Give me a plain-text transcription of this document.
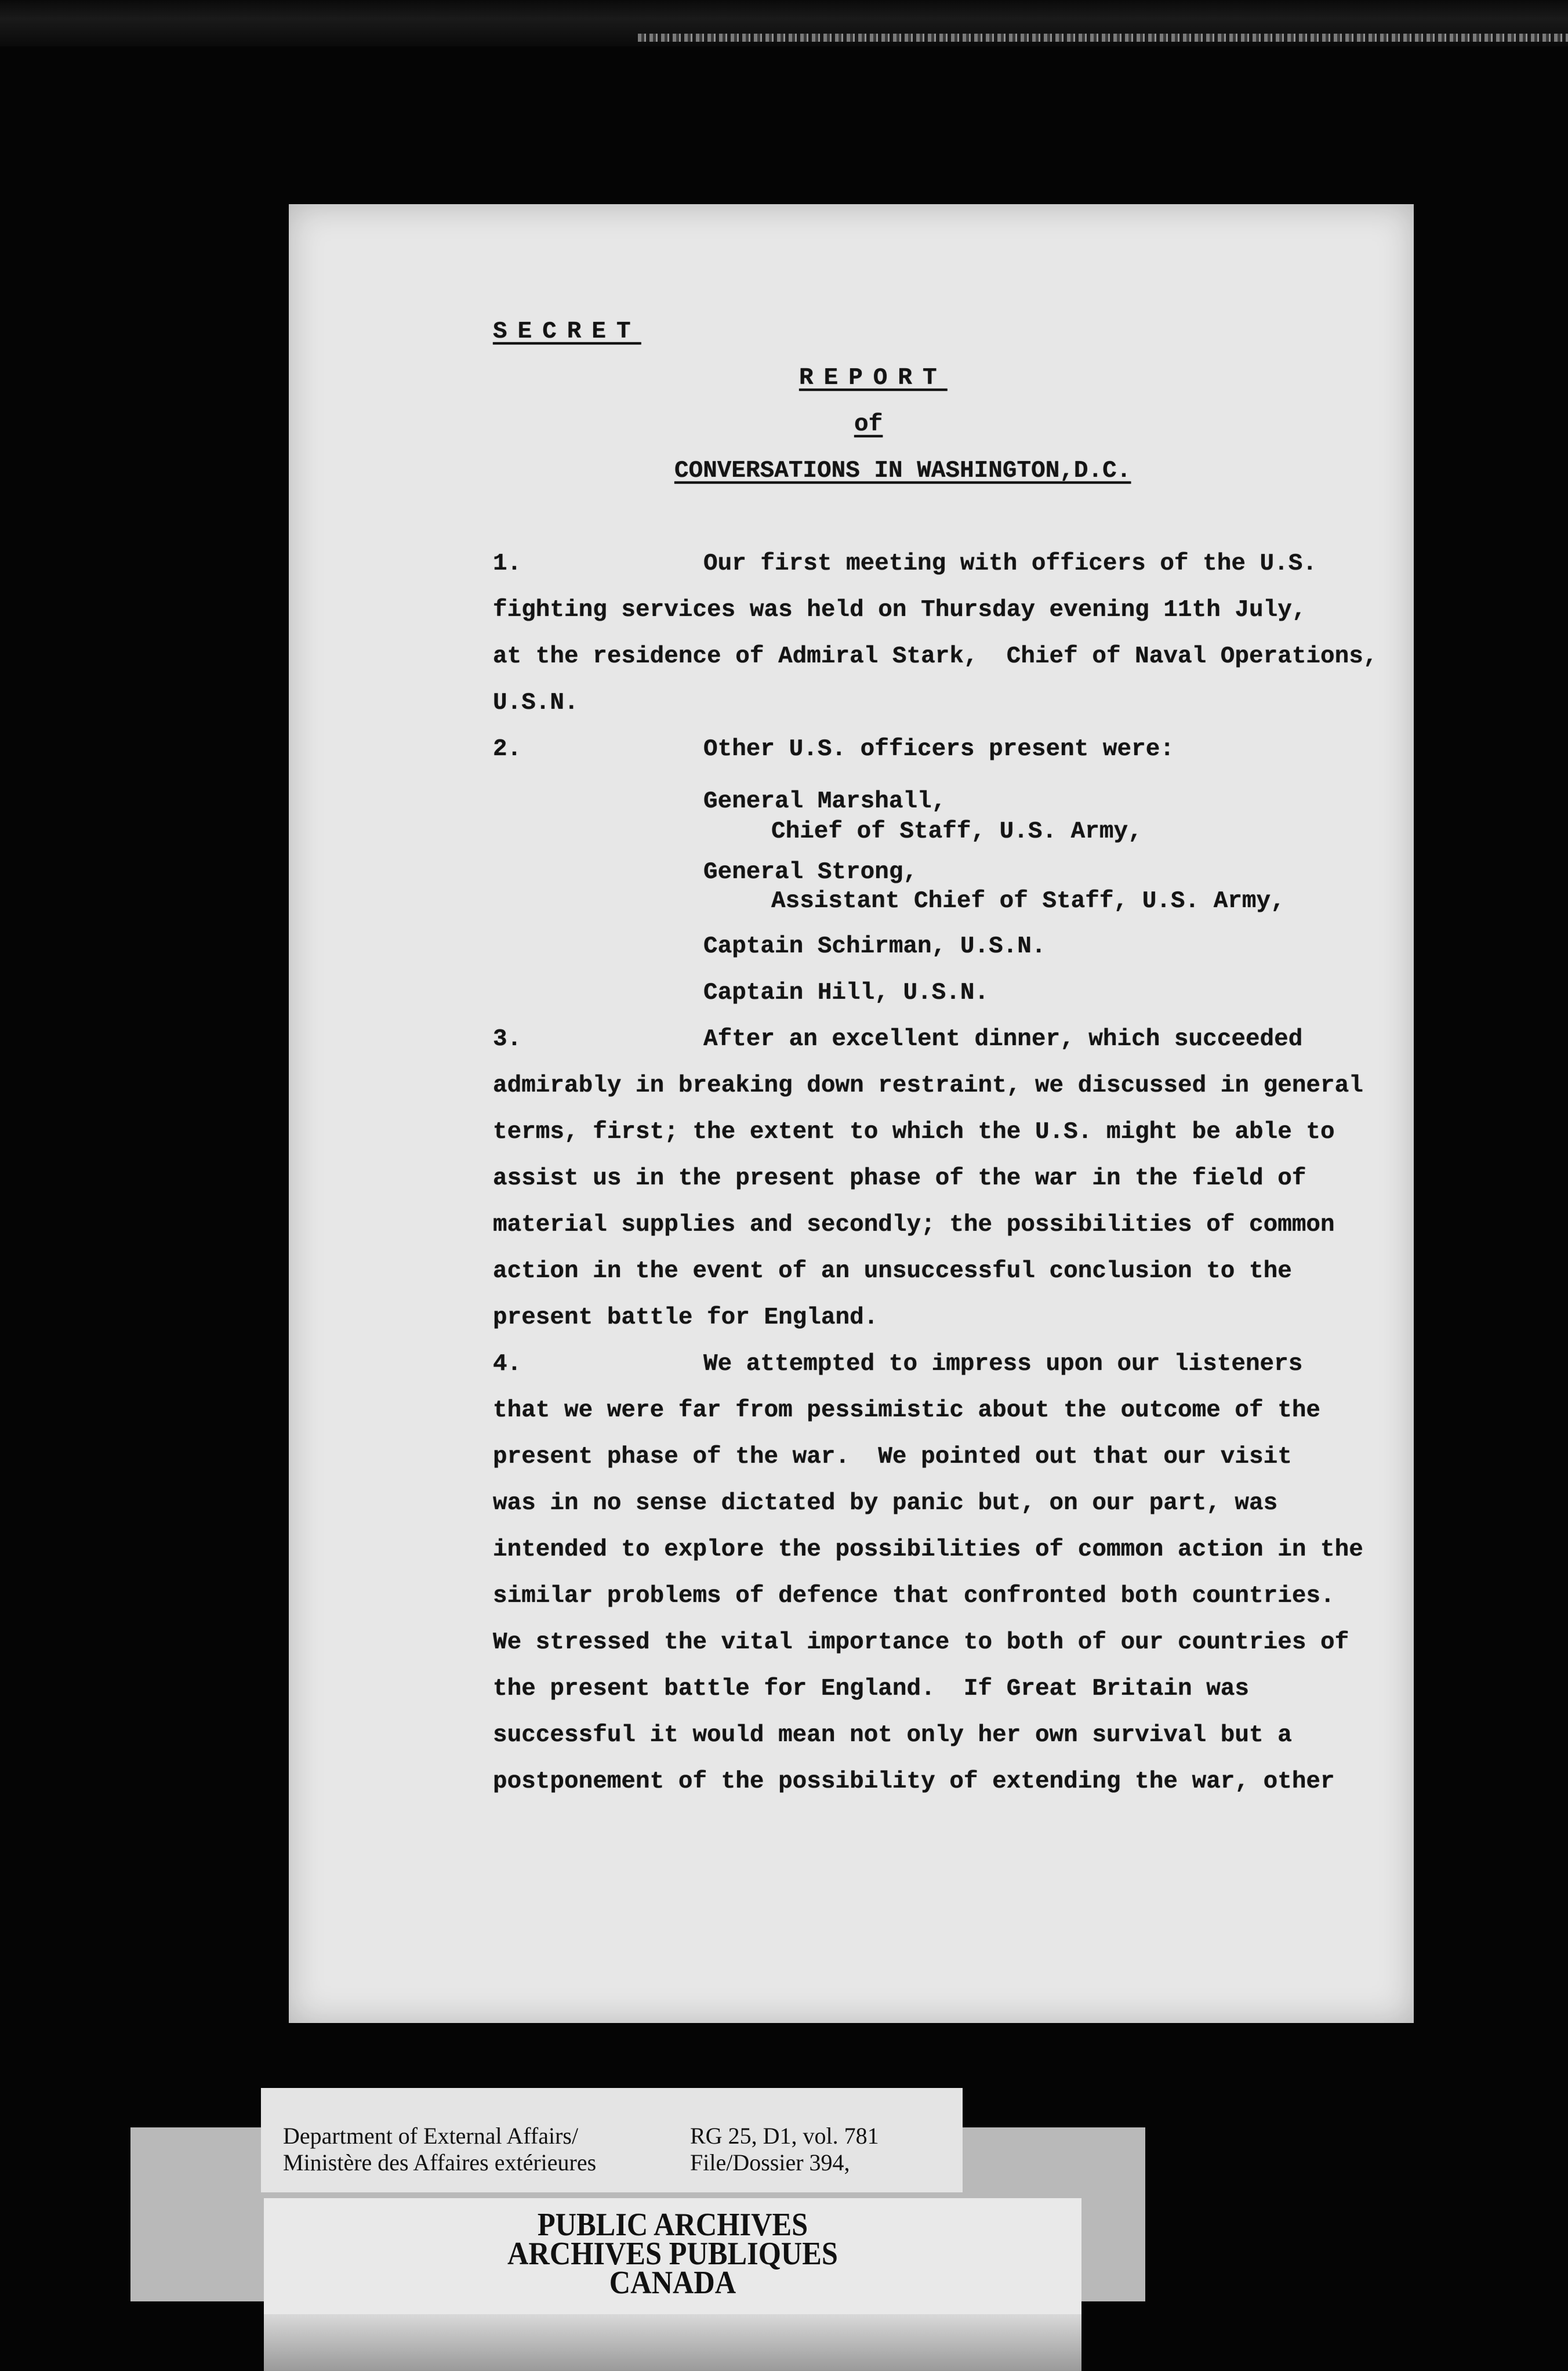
SECRET
REPORT
of
CONVERSATIONS IN WASHINGTON,D.C.
1.	Our first meeting with officers of the U.S.
fighting services was held on Thursday evening 11th July,
at the residence of Admiral Stark,  Chief of Naval Operations,
U.S.N.
2.	Other U.S. officers present were:
General Marshall,
Chief of Staff, U.S. Army,
General Strong,
Assistant Chief of Staff, U.S. Army,
Captain Schirman, U.S.N.
Captain Hill, U.S.N.
3.	After an excellent dinner, which succeeded
admirably in breaking down restraint, we discussed in general
terms, first; the extent to which the U.S. might be able to
assist us in the present phase of the war in the field of
material supplies and secondly; the possibilities of common
action in the event of an unsuccessful conclusion to the
present battle for England.
4.	We attempted to impress upon our listeners
that we were far from pessimistic about the outcome of the
present phase of the war.  We pointed out that our visit
was in no sense dictated by panic but, on our part, was
intended to explore the possibilities of common action in the
similar problems of defence that confronted both countries.
We stressed the vital importance to both of our countries of
the present battle for England.  If Great Britain was
successful it would mean not only her own survival but a
postponement of the possibility of extending the war, other
Department of External Affairs/
Ministère des Affaires extérieures
RG 25, D1, vol. 781
File/Dossier 394,
PUBLIC ARCHIVES
ARCHIVES PUBLIQUES
CANADA
